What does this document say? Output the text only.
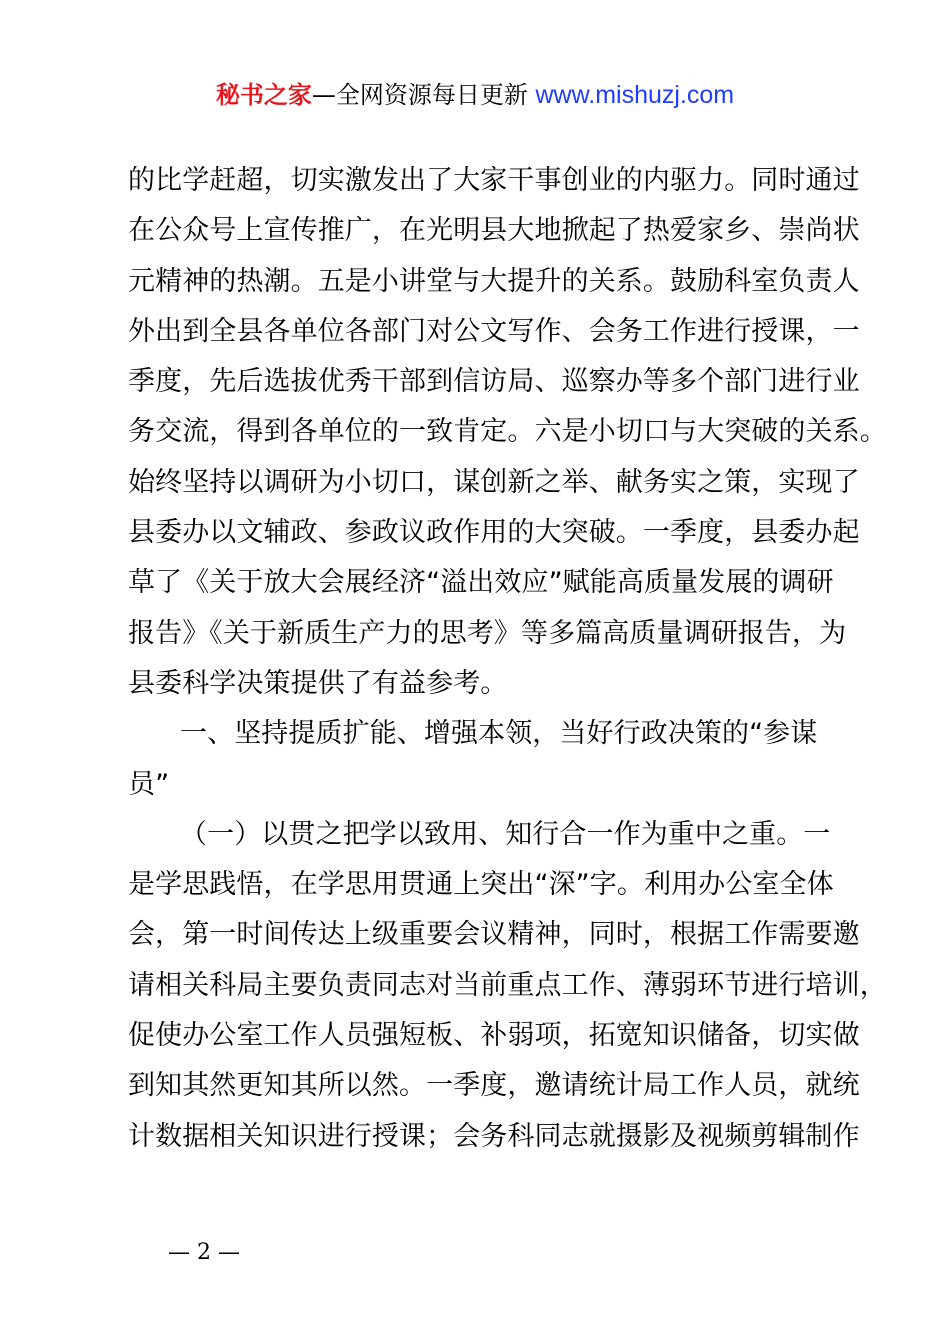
秘书之家—全网资源每日更新 www.mishuzj.com
的比学赶超，切实激发出了大家干事创业的内驱力。同时通过
在公众号上宣传推广，在光明县大地掀起了热爱家乡、崇尚状
元精神的热潮。五是小讲堂与大提升的关系。鼓励科室负责人
外出到全县各单位各部门对公文写作、会务工作进行授课，一
季度，先后选拔优秀干部到信访局、巡察办等多个部门进行业
务交流，得到各单位的一致肯定。六是小切口与大突破的关系。
始终坚持以调研为小切口，谋创新之举、献务实之策，实现了
县委办以文辅政、参政议政作用的大突破。一季度，县委办起
草了《关于放大会展经济“溢出效应”赋能高质量发展的调研
报告》《关于新质生产力的思考》等多篇高质量调研报告，为
县委科学决策提供了有益参考。
一、坚持提质扩能、增强本领，当好行政决策的“参谋
员”
（一）以贯之把学以致用、知行合一作为重中之重。一
是学思践悟，在学思用贯通上突出“深”字。利用办公室全体
会，第一时间传达上级重要会议精神，同时，根据工作需要邀
请相关科局主要负责同志对当前重点工作、薄弱环节进行培训，
促使办公室工作人员强短板、补弱项，拓宽知识储备，切实做
到知其然更知其所以然。一季度，邀请统计局工作人员，就统
计数据相关知识进行授课；会务科同志就摄影及视频剪辑制作
— 2 —
